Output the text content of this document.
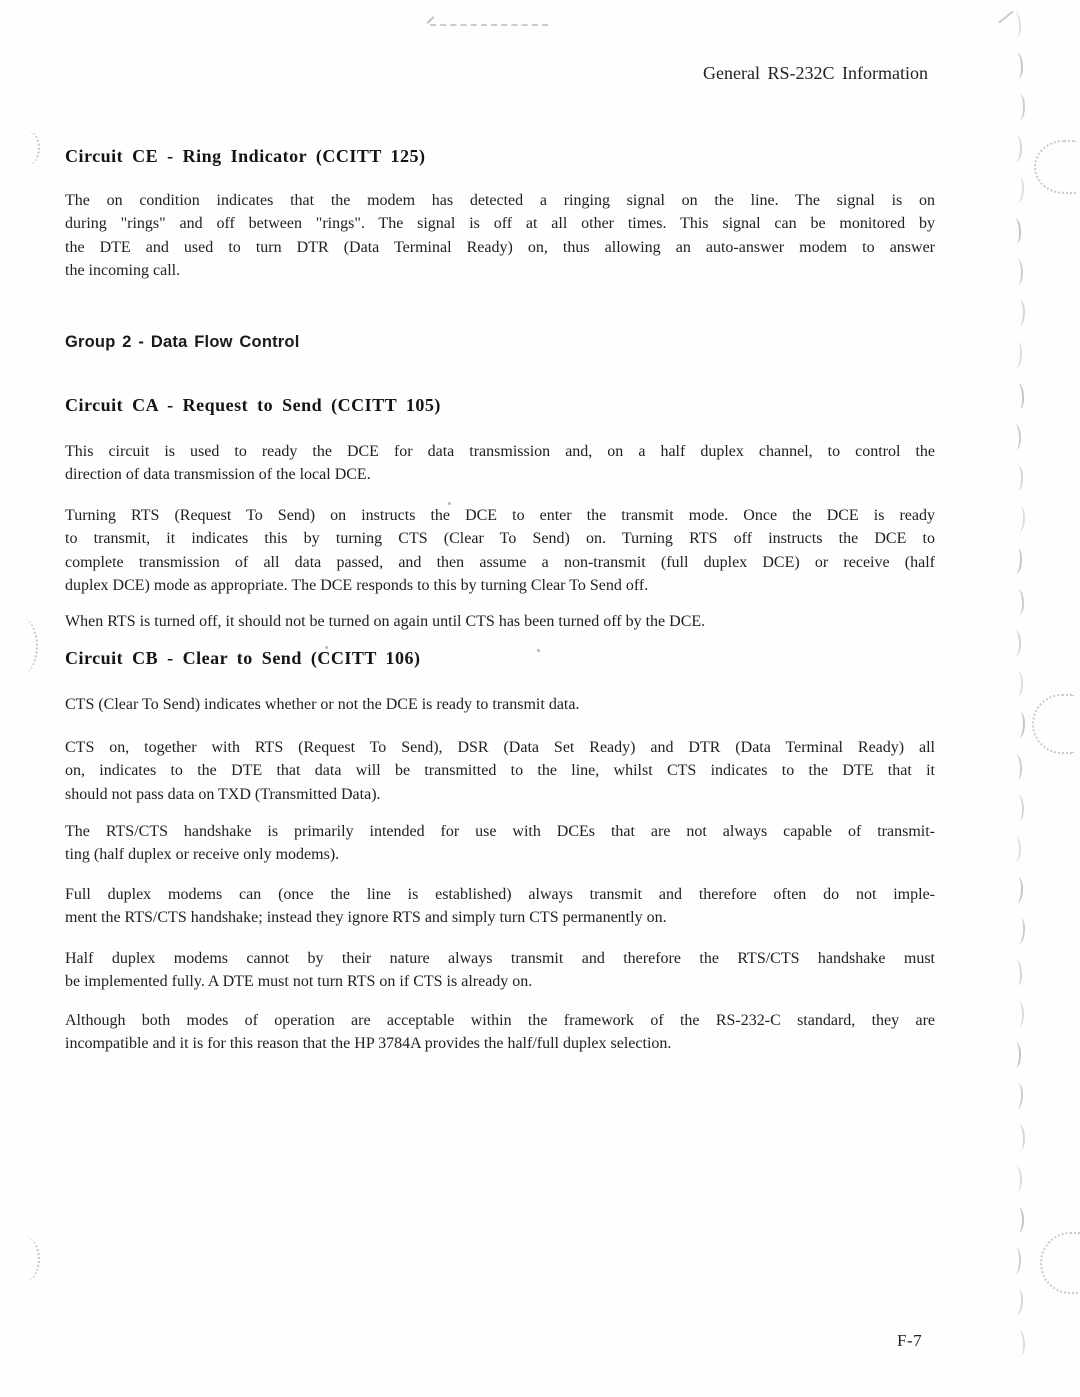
General RS-232C Information
Circuit CE - Ring Indicator (CCITT 125)
The on condition indicates that the modem has detected a ringing signal on the line. The signal is on
during "rings" and off between "rings". The signal is off at all other times. This signal can be monitored by
the DTE and used to turn DTR (Data Terminal Ready) on, thus allowing an auto-answer modem to answer
the incoming call.
Group 2 - Data Flow Control
Circuit CA - Request to Send (CCITT 105)
This circuit is used to ready the DCE for data transmission and, on a half duplex channel, to control the
direction of data transmission of the local DCE.
Turning RTS (Request To Send) on instructs the DCE to enter the transmit mode. Once the DCE is ready
to transmit, it indicates this by turning CTS (Clear To Send) on. Turning RTS off instructs the DCE to
complete transmission of all data passed, and then assume a non-transmit (full duplex DCE) or receive (half
duplex DCE) mode as appropriate. The DCE responds to this by turning Clear To Send off.
When RTS is turned off, it should not be turned on again until CTS has been turned off by the DCE.
Circuit CB - Clear to Send (CCITT 106)
CTS (Clear To Send) indicates whether or not the DCE is ready to transmit data.
CTS on, together with RTS (Request To Send), DSR (Data Set Ready) and DTR (Data Terminal Ready) all
on, indicates to the DTE that data will be transmitted to the line, whilst CTS indicates to the DTE that it
should not pass data on TXD (Transmitted Data).
The RTS/CTS handshake is primarily intended for use with DCEs that are not always capable of transmit-
ting (half duplex or receive only modems).
Full duplex modems can (once the line is established) always transmit and therefore often do not imple-
ment the RTS/CTS handshake; instead they ignore RTS and simply turn CTS permanently on.
Half duplex modems cannot by their nature always transmit and therefore the RTS/CTS handshake must
be implemented fully. A DTE must not turn RTS on if CTS is already on.
Although both modes of operation are acceptable within the framework of the RS-232-C standard, they are
incompatible and it is for this reason that the HP 3784A provides the half/full duplex selection.
F-7
